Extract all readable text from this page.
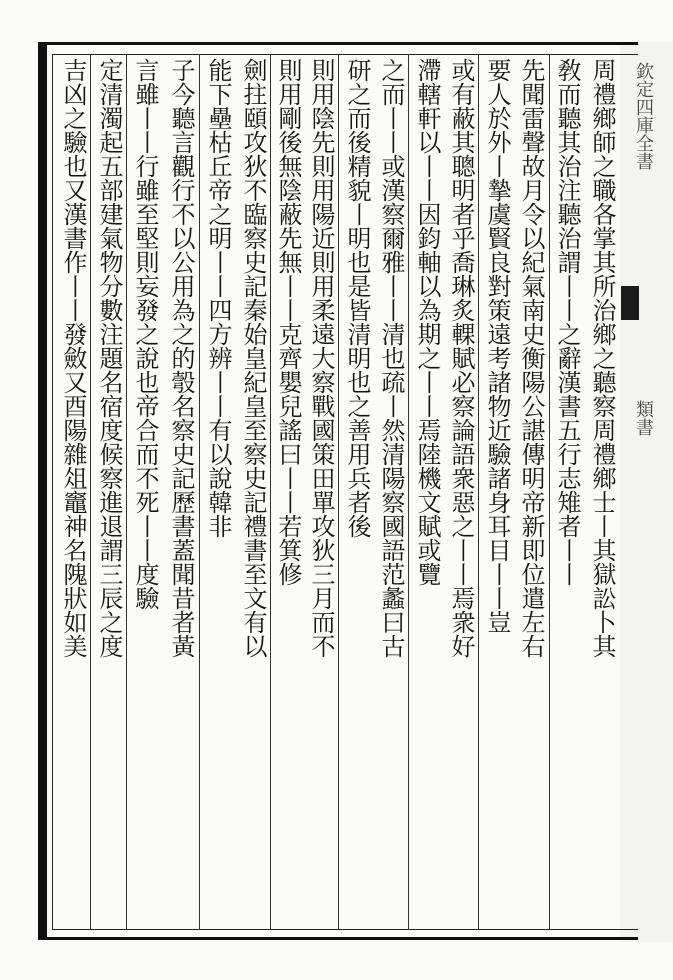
欽定四庫全書
類書
周禮鄉師之職各掌其所治鄉之聽察周禮鄉士丨其獄訟卜其
敎而聽其治注聽治謂丨丨之辭漢書五行志雉者丨丨
先聞雷聲故月令以紀氣南史衡陽公諶傳明帝新即位遣左右
要人於外丨摯虞賢良對策遠考諸物近驗諸身耳目丨丨豈
或有蔽其聰明者乎喬琳炙輠賦必察論語衆惡之丨丨焉衆好
滯轄軒以丨丨因鈞軸以為期之丨丨焉陸機文賦或覽
之而丨丨或漢察爾雅丨丨清也疏丨然清陽察國語范蠡曰古
研之而後精貌丨明也是皆清明也之善用兵者後
則用陰先則用陽近則用柔遠大察戰國策田單攻狄三月而不
則用剛後無陰蔽先無丨丨克齊嬰兒謠曰丨丨若箕修
劍拄頤攻狄不臨察史記秦始皇紀皇至察史記禮書至文有以
能下壘枯丘帝之明丨丨四方辨丨丨有以說韓非
子今聽言觀行不以公用為之的彀名察史記歷書蓋聞昔者黃
言雖丨丨行雖至堅則妄發之說也帝合而不死丨丨度驗
定清濁起五部建氣物分數注題名宿度候察進退謂三辰之度
吉凶之驗也又漢書作丨丨發斂又酉陽雜俎竈神名隗狀如美
